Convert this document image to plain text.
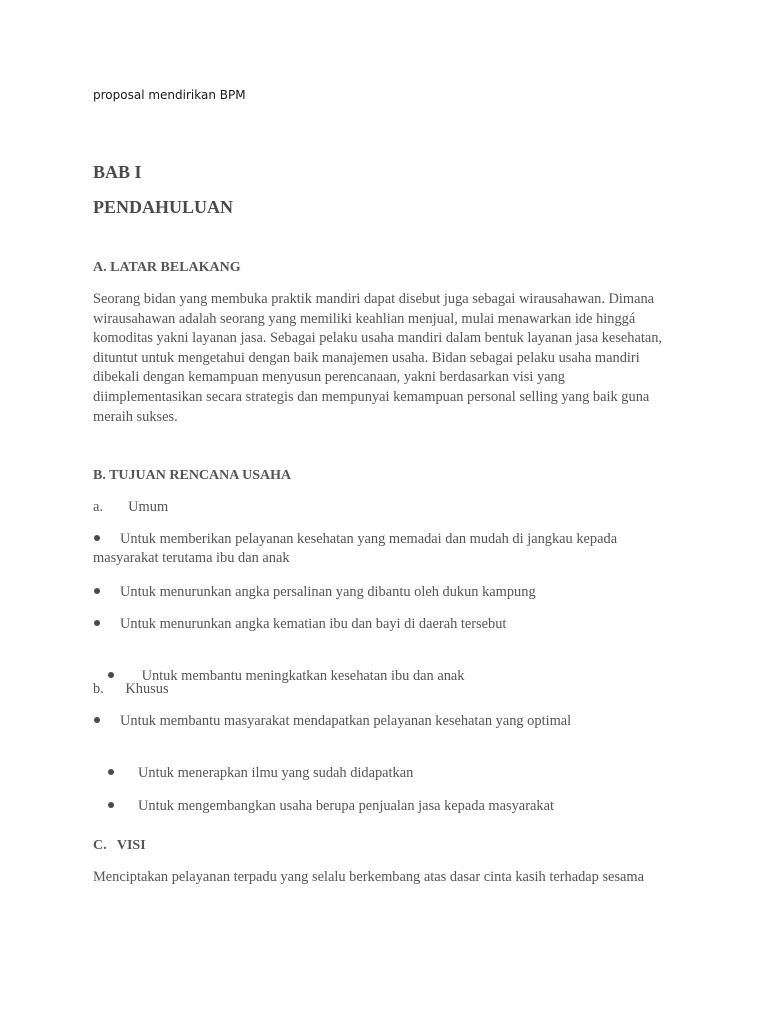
proposal mendirikan BPM

BAB I

PENDAHULUAN

A. LATAR BELAKANG

Seorang bidan yang membuka praktik mandiri dapat disebut juga sebagai wirausahawan. Dimana wirausahawan adalah seorang yang memiliki keahlian menjual, mulai menawarkan ide hinggá komoditas yakni layanan jasa. Sebagai pelaku usaha mandiri dalam bentuk layanan jasa kesehatan, dituntut untuk mengetahui dengan baik manajemen usaha. Bidan sebagai pelaku usaha mandiri dibekali dengan kemampuan menyusun perencanaan, yakni berdasarkan visi yang diimplementasikan secara strategis dan mempunyai kemampuan personal selling yang baik guna meraih sukses.

B. TUJUAN RENCANA USAHA

a.       Umum

Untuk memberikan pelayanan kesehatan yang memadai dan mudah di jangkau kepada masyarakat terutama ibu dan anak
Untuk menurunkan angka persalinan yang dibantu oleh dukun kampung
Untuk menurunkan angka kematian ibu dan bayi di daerah tersebut

Untuk membantu meningkatkan kesehatan ibu dan anak

b.      Khusus

Untuk membantu masyarakat mendapatkan pelayanan kesehatan yang optimal

Untuk menerapkan ilmu yang sudah didapatkan

Untuk mengembangkan usaha berupa penjualan jasa kepada masyarakat

C.   VISI

Menciptakan pelayanan terpadu yang selalu berkembang atas dasar cinta kasih terhadap sesama
